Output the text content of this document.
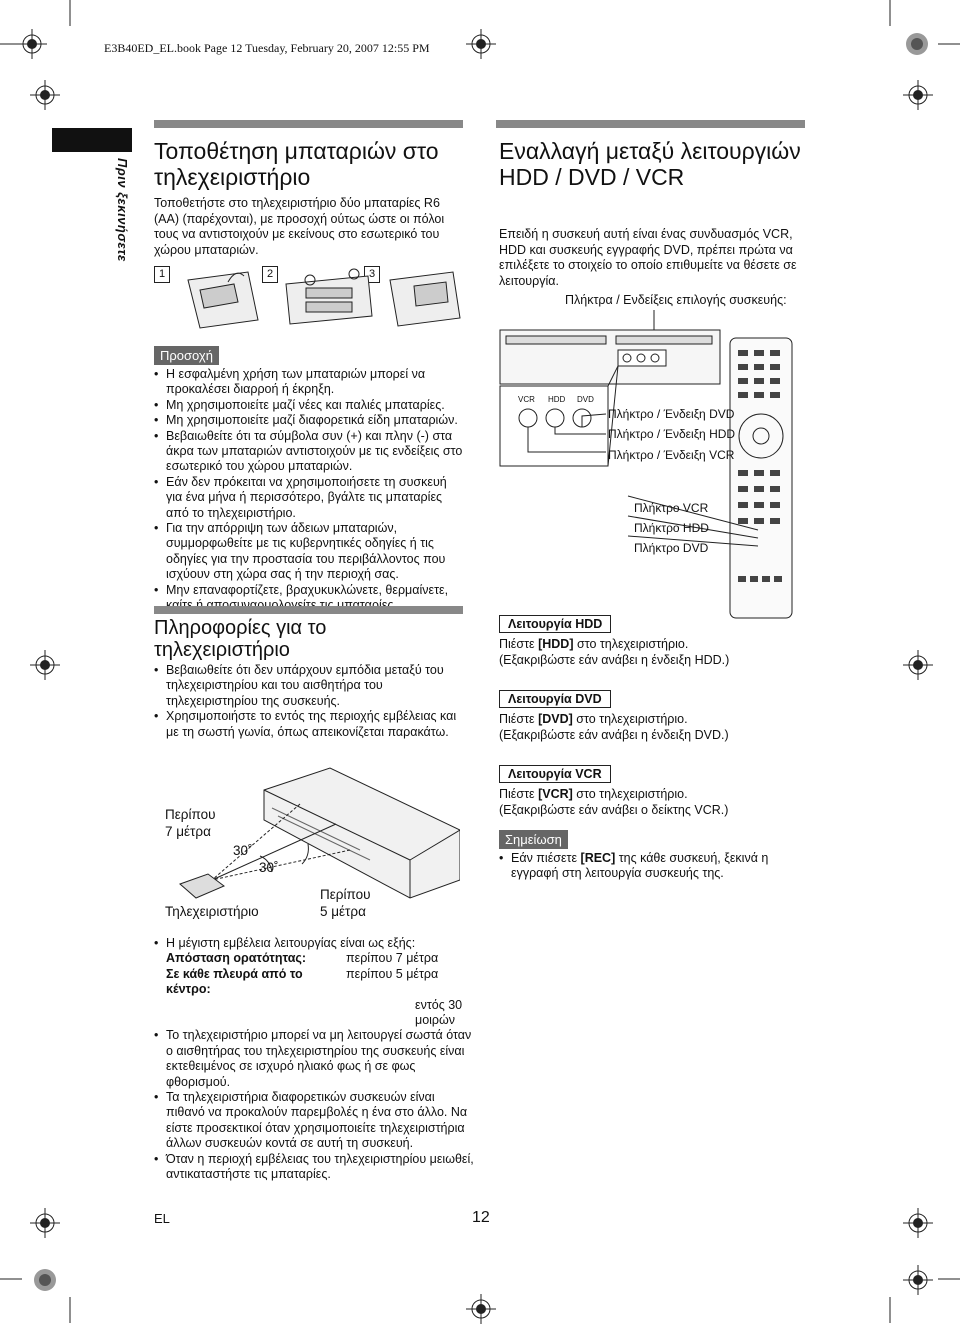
E3B40ED_EL.book Page 12 Tuesday, February 20, 2007 12:55 PM
Πριν ξεκινήσετε
Τοποθέτηση μπαταριών στο τηλεχειριστήριο
Τοποθετήστε στο τηλεχειριστήριο δύο μπαταρίες R6 (AA) (παρέχονται), με προσοχή ούτως ώστε οι πόλοι τους να αντιστοιχούν με εκείνους στο εσωτερικό του χώρου μπαταριών.
1	2	3
Προσοχή
• Η εσφαλμένη χρήση των μπαταριών μπορεί να προκαλέσει διαρροή ή έκρηξη.
• Μη χρησιμοποιείτε μαζί νέες και παλιές μπαταρίες.
• Μη χρησιμοποιείτε μαζί διαφορετικά είδη μπαταριών.
• Βεβαιωθείτε ότι τα σύμβολα συν (+) και πλην (-) στα άκρα των μπαταριών αντιστοιχούν με τις ενδείξεις στο εσωτερικό του χώρου μπαταριών.
• Εάν δεν πρόκειται να χρησιμοποιήσετε τη συσκευή για ένα μήνα ή περισσότερο, βγάλτε τις μπαταρίες από το τηλεχειριστήριο.
• Για την απόρριψη των άδειων μπαταριών, συμμορφωθείτε με τις κυβερνητικές οδηγίες ή τις οδηγίες για την προστασία του περιβάλλοντος που ισχύουν στη χώρα σας ή την περιοχή σας.
• Μην επαναφορτίζετε, βραχυκυκλώνετε, θερμαίνετε,
Πληροφορίες για το τηλεχειριστήριο
• Βεβαιωθείτε ότι δεν υπάρχουν εμπόδια μεταξύ του τηλεχειριστηρίου και του αισθητήρα του τηλεχειριστηρίου της συσκευής.
• Χρησιμοποιήστε το εντός της περιοχής εμβέλειας και με τη σωστή γωνία, όπως απεικονίζεται παρακάτω.
Περίπου
7 μέτρα
30˚
30˚
Τηλεχειριστήριο
Περίπου
5 μέτρα
• Η μέγιστη εμβέλεια λειτουργίας είναι ως εξής:
Απόσταση ορατότητας:	περίπου 7 μέτρα
Σε κάθε πλευρά από το κέντρο:
περίπου 5 μέτρα
εντός 30 μοιρών
• Το τηλεχειριστήριο μπορεί να μη λειτουργεί σωστά όταν ο αισθητήρας του τηλεχειριστηρίου της συσκευής είναι εκτεθειμένος σε ισχυρό ηλιακό φως ή σε φως φθορισμού.
• Τα τηλεχειριστήρια διαφορετικών συσκευών είναι πιθανό να προκαλούν παρεμβολές η ένα στο άλλο. Να είστε προσεκτικοί όταν χρησιμοποιείτε τηλεχειριστήρια άλλων συσκευών κοντά σε αυτή τη συσκευή.
• Όταν η περιοχή εμβέλειας του τηλεχειριστηρίου μειωθεί, αντικαταστήστε τις μπαταρίες.
Εναλλαγή μεταξύ λειτουργιών HDD / DVD / VCR
Επειδή η συσκευή αυτή είναι ένας συνδυασμός VCR, HDD και συσκευής εγγραφής DVD, πρέπει πρώτα να επιλέξετε το στοιχείο το οποίο επιθυμείτε να θέσετε σε λειτουργία.
Πλήκτρα / Ενδείξεις επιλογής συσκευής:
VCR HDD DVD
Πλήκτρο / Ένδειξη DVD
Πλήκτρο / Ένδειξη HDD
Πλήκτρο / Ένδειξη VCR
Πλήκτρο VCR
Πλήκτρο HDD
Πλήκτρο DVD
Λειτουργία HDD
Πιέστε [HDD] στο τηλεχειριστήριο.
(Εξακριβώστε εάν ανάβει η ένδειξη HDD.)
Λειτουργία DVD
Πιέστε [DVD] στο τηλεχειριστήριο.
(Εξακριβώστε εάν ανάβει η ένδειξη DVD.)
Λειτουργία VCR
Πιέστε [VCR] στο τηλεχειριστήριο.
(Εξακριβώστε εάν ανάβει ο δείκτης VCR.)
Σημείωση
• Εάν πιέσετε [REC] της κάθε συσκευή, ξεκινά η εγγραφή στη λειτουργία συσκευής της.
EL	12
